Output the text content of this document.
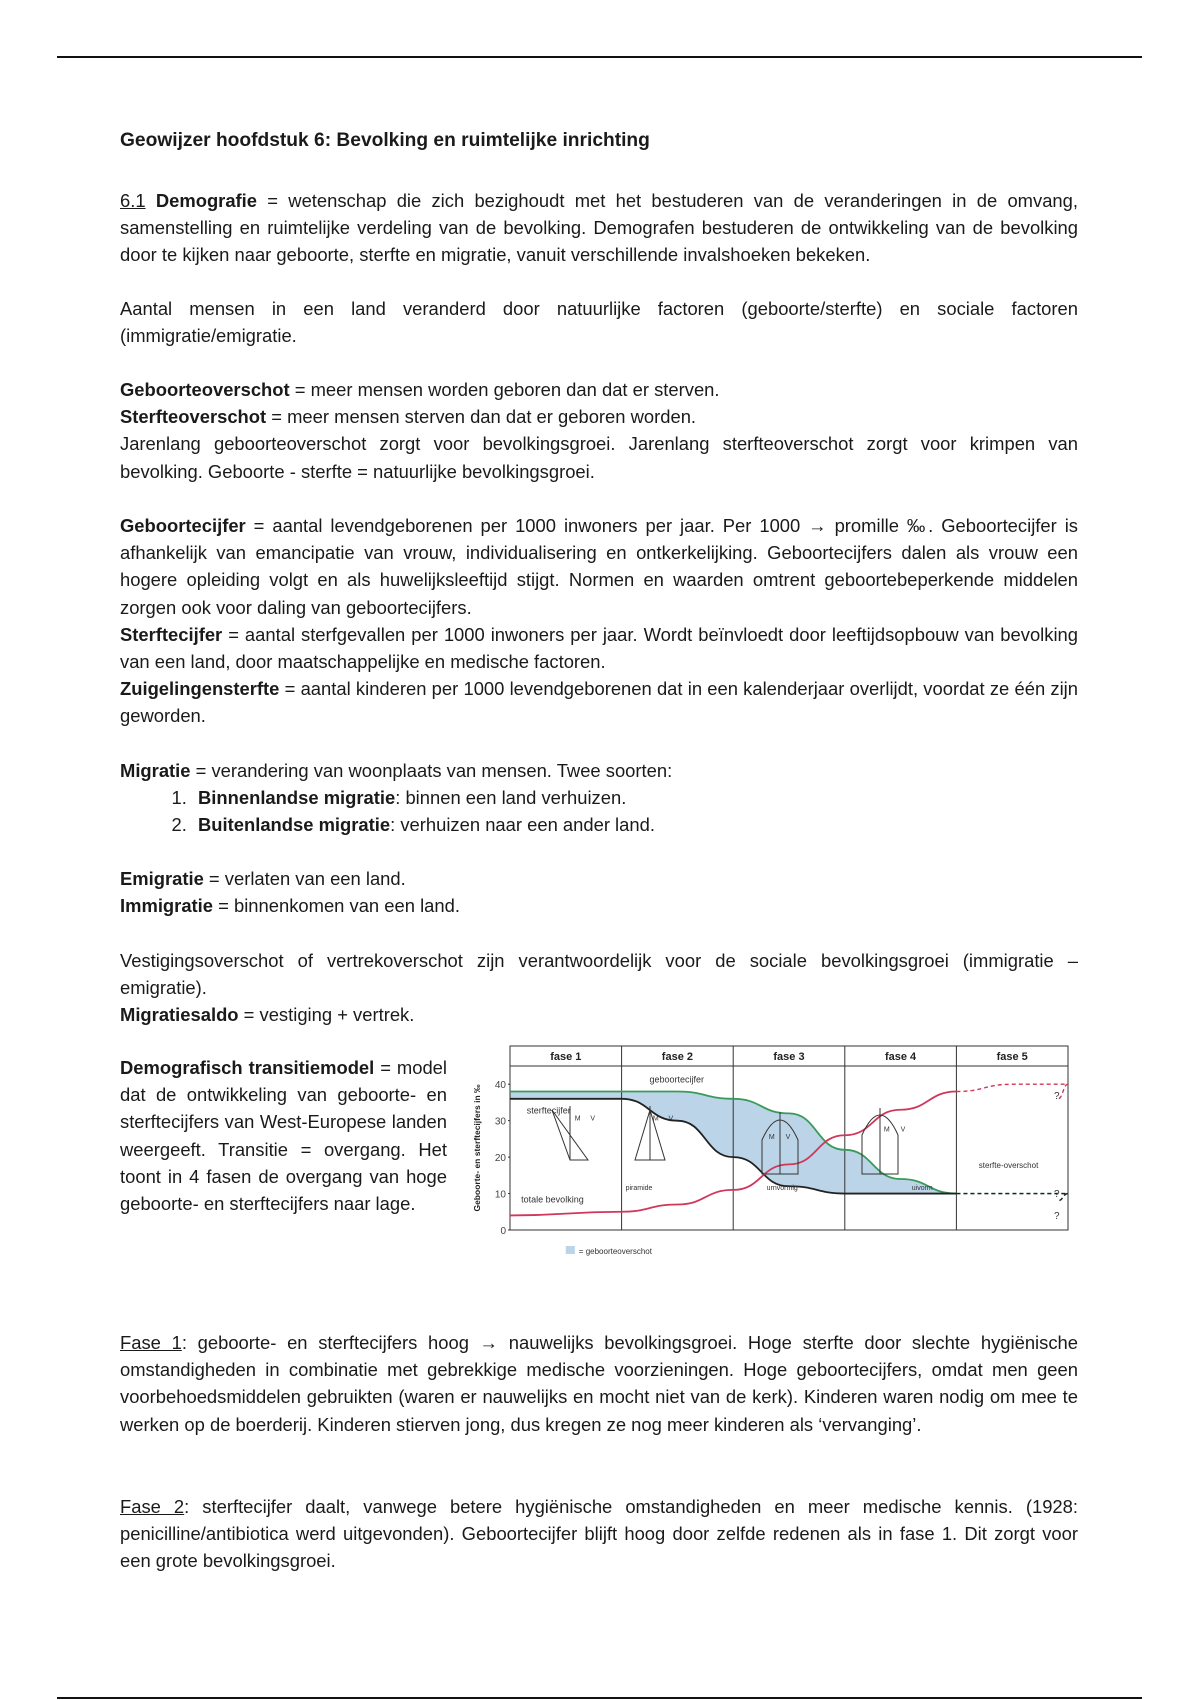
Geowijzer hoofdstuk 6: Bevolking en ruimtelijke inrichting

6.1 Demografie = wetenschap die zich bezighoudt met het bestuderen van de veranderingen in de omvang, samenstelling en ruimtelijke verdeling van de bevolking. Demografen bestuderen de ontwikkeling van de bevolking door te kijken naar geboorte, sterfte en migratie, vanuit verschillende invalshoeken bekeken.

Aantal mensen in een land veranderd door natuurlijke factoren (geboorte/sterfte) en sociale factoren (immigratie/emigratie.

Geboorteoverschot = meer mensen worden geboren dan dat er sterven.

Sterfteoverschot = meer mensen sterven dan dat er geboren worden.

Jarenlang geboorteoverschot zorgt voor bevolkingsgroei. Jarenlang sterfteoverschot zorgt voor krimpen van bevolking. Geboorte - sterfte = natuurlijke bevolkingsgroei.

Geboortecijfer = aantal levendgeborenen per 1000 inwoners per jaar. Per 1000 → promille ‰. Geboortecijfer is afhankelijk van emancipatie van vrouw, individualisering en ontkerkelijking. Geboortecijfers dalen als vrouw een hogere opleiding volgt en als huwelijksleeftijd stijgt. Normen en waarden omtrent geboortebeperkende middelen zorgen ook voor daling van geboortecijfers.

Sterftecijfer = aantal sterfgevallen per 1000 inwoners per jaar. Wordt beïnvloedt door leeftijdsopbouw van bevolking van een land, door maatschappelijke en medische factoren.

Zuigelingensterfte = aantal kinderen per 1000 levendgeborenen dat in een kalenderjaar overlijdt, voordat ze één zijn geworden.

Migratie = verandering van woonplaats van mensen. Twee soorten:

1. Binnenlandse migratie: binnen een land verhuizen.
2. Buitenlandse migratie: verhuizen naar een ander land.

Emigratie = verlaten van een land.

Immigratie = binnenkomen van een land.

Vestigingsoverschot of vertrekoverschot zijn verantwoordelijk voor de sociale bevolkingsgroei (immigratie – emigratie).

Migratiesaldo = vestiging + vertrek.

Demografisch transitiemodel = model dat de ontwikkeling van geboorte- en sterftecijfers van West-Europese landen weergeeft. Transitie = overgang. Het toont in 4 fasen de overgang van hoge geboorte- en sterftecijfers naar lage.

Fase 1: geboorte- en sterftecijfers hoog → nauwelijks bevolkingsgroei. Hoge sterfte door slechte hygiënische omstandigheden in combinatie met gebrekkige medische voorzieningen. Hoge geboortecijfers, omdat men geen voorbehoedsmiddelen gebruikten (waren er nauwelijks en mocht niet van de kerk). Kinderen waren nodig om mee te werken op de boerderij. Kinderen stierven jong, dus kregen ze nog meer kinderen als ‘vervanging’.

Fase 2: sterftecijfer daalt, vanwege betere hygiënische omstandigheden en meer medische kennis. (1928: penicilline/antibiotica werd uitgevonden). Geboortecijfer blijft hoog door zelfde redenen als in fase 1. Dit zorgt voor een grote bevolkingsgroei.

fase 1	fase 2	fase 3	fase 4	fase 5
0
10
20
30
40
Geboorte- en sterftecijfers in ‰
geboortecijfer
sterftecijfer
totale bevolking
piramide	urnvormig	uivorm
sterfte-overschot
?
?
?
M V	M V
M V
M V
= geboorteoverschot
